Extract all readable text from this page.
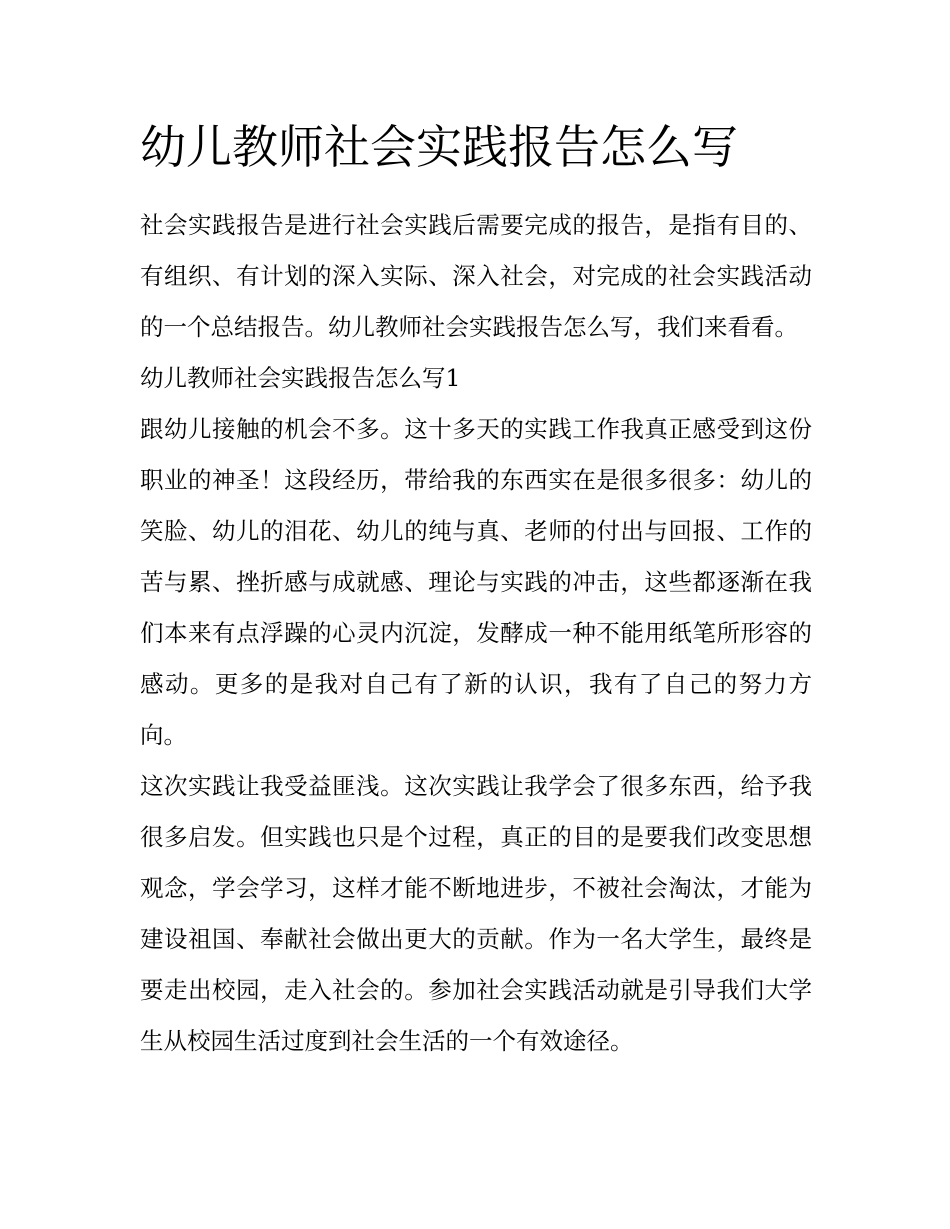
幼儿教师社会实践报告怎么写

社会实践报告是进行社会实践后需要完成的报告，是指有目的、有组织、有计划的深入实际、深入社会，对完成的社会实践活动的一个总结报告。幼儿教师社会实践报告怎么写，我们来看看。

幼儿教师社会实践报告怎么写1

跟幼儿接触的机会不多。这十多天的实践工作我真正感受到这份职业的神圣！这段经历，带给我的东西实在是很多很多：幼儿的笑脸、幼儿的泪花、幼儿的纯与真、老师的付出与回报、工作的苦与累、挫折感与成就感、理论与实践的冲击，这些都逐渐在我们本来有点浮躁的心灵内沉淀，发酵成一种不能用纸笔所形容的感动。更多的是我对自己有了新的认识，我有了自己的努力方向。

这次实践让我受益匪浅。这次实践让我学会了很多东西，给予我很多启发。但实践也只是个过程，真正的目的是要我们改变思想观念，学会学习，这样才能不断地进步，不被社会淘汰，才能为建设祖国、奉献社会做出更大的贡献。作为一名大学生，最终是要走出校园，走入社会的。参加社会实践活动就是引导我们大学生从校园生活过度到社会生活的一个有效途径。
